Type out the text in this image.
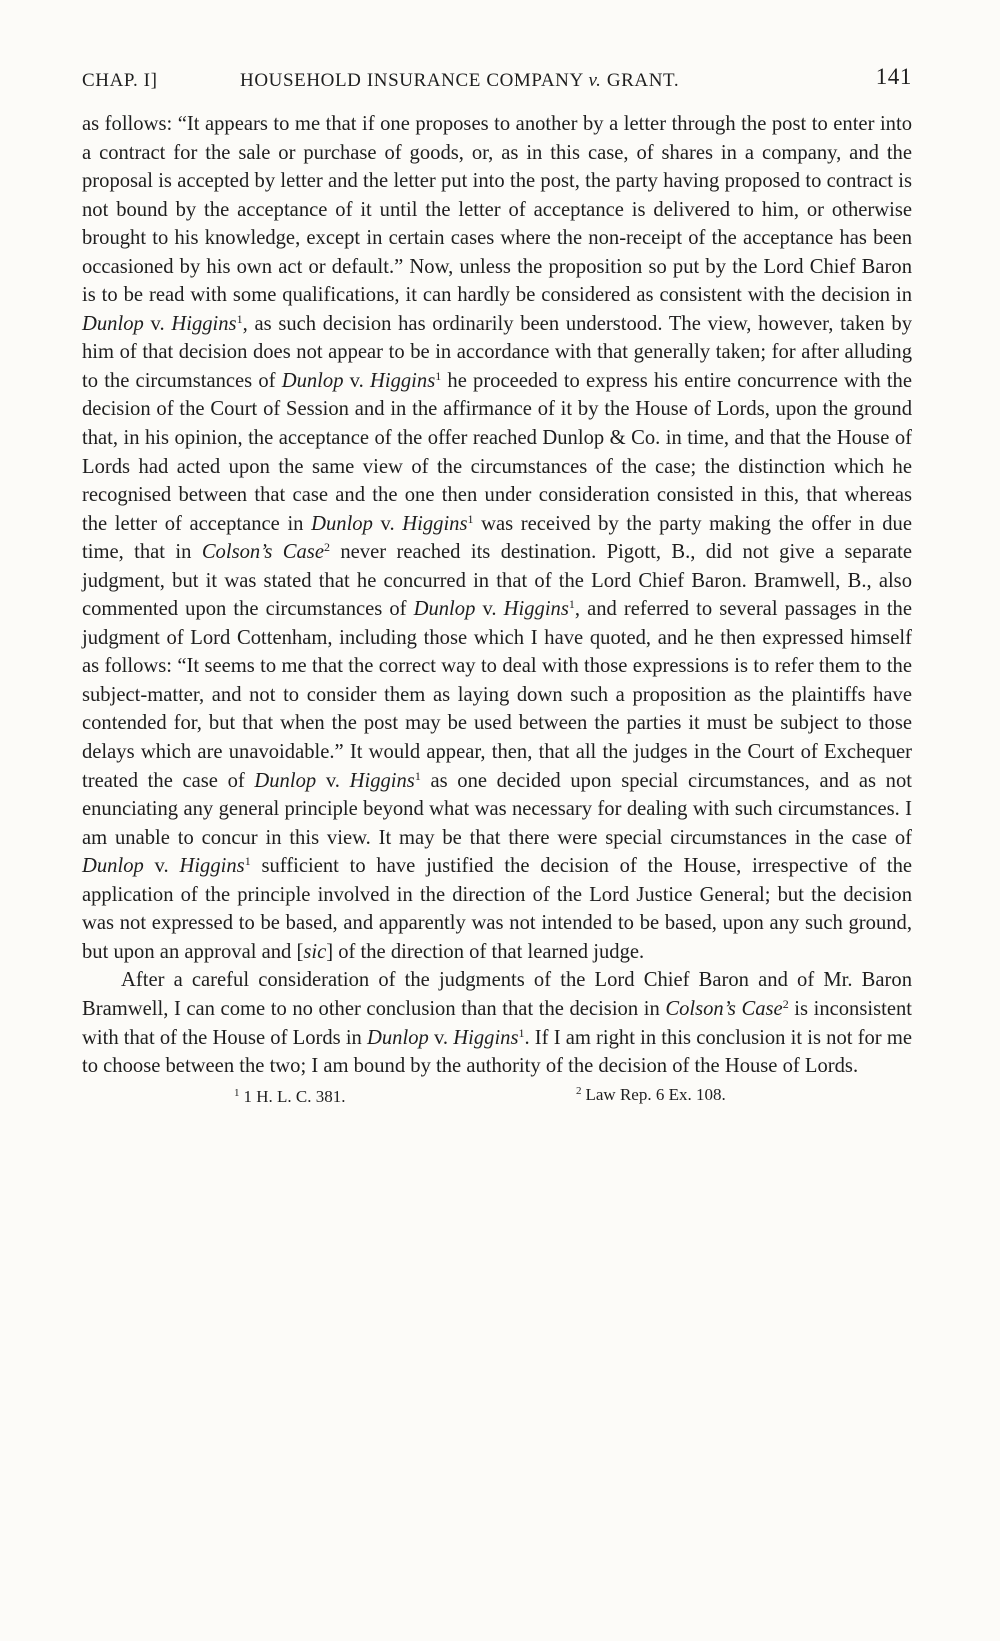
CHAP. I]	HOUSEHOLD INSURANCE COMPANY v. GRANT.	141

as follows: “It appears to me that if one proposes to another by a letter through the post to enter into a contract for the sale or purchase of goods, or, as in this case, of shares in a company, and the proposal is accepted by letter and the letter put into the post, the party having proposed to contract is not bound by the acceptance of it until the letter of acceptance is delivered to him, or otherwise brought to his knowledge, except in certain cases where the non-receipt of the acceptance has been occasioned by his own act or default.” Now, unless the proposition so put by the Lord Chief Baron is to be read with some qualifications, it can hardly be considered as consistent with the decision in Dunlop v. Higgins$^1$, as such decision has ordinarily been understood. The view, however, taken by him of that decision does not appear to be in accordance with that generally taken; for after alluding to the circumstances of Dunlop v. Higgins$^1$ he proceeded to express his entire concurrence with the decision of the Court of Session and in the affirmance of it by the House of Lords, upon the ground that, in his opinion, the acceptance of the offer reached Dunlop & Co. in time, and that the House of Lords had acted upon the same view of the circumstances of the case; the distinction which he recognised between that case and the one then under consideration consisted in this, that whereas the letter of acceptance in Dunlop v. Higgins$^1$ was received by the party making the offer in due time, that in Colson’s Case$^2$ never reached its destination. Pigott, B., did not give a separate judgment, but it was stated that he concurred in that of the Lord Chief Baron. Bramwell, B., also commented upon the circumstances of Dunlop v. Higgins$^1$, and referred to several passages in the judgment of Lord Cottenham, including those which I have quoted, and he then expressed himself as follows: “It seems to me that the correct way to deal with those expressions is to refer them to the subject-matter, and not to consider them as laying down such a proposition as the plaintiffs have contended for, but that when the post may be used between the parties it must be subject to those delays which are unavoidable.” It would appear, then, that all the judges in the Court of Exchequer treated the case of Dunlop v. Higgins$^1$ as one decided upon special circumstances, and as not enunciating any general principle beyond what was necessary for dealing with such circumstances. I am unable to concur in this view. It may be that there were special circumstances in the case of Dunlop v. Higgins$^1$ sufficient to have justified the decision of the House, irrespective of the application of the principle involved in the direction of the Lord Justice General; but the decision was not expressed to be based, and apparently was not intended to be based, upon any such ground, but upon an approval and [sic] of the direction of that learned judge.

After a careful consideration of the judgments of the Lord Chief Baron and of Mr. Baron Bramwell, I can come to no other conclusion than that the decision in Colson’s Case$^2$ is inconsistent with that of the House of Lords in Dunlop v. Higgins$^1$. If I am right in this conclusion it is not for me to choose between the two; I am bound by the authority of the decision of the House of Lords.

$^1$ 1 H. L. C. 381.	$^2$ Law Rep. 6 Ex. 108.
